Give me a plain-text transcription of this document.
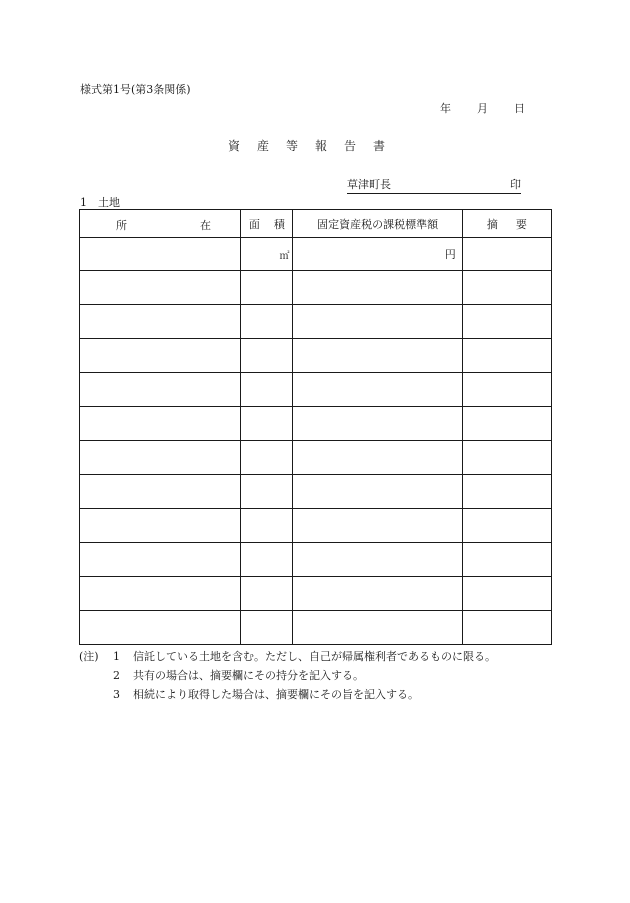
様式第1号(第3条関係)
年 月 日
資 産 等 報 告 書
草津町長	印
1　土地
所 在	面 積	固定資産税の課税標準額	摘 要
	㎡	円	

(注) 1 信託している土地を含む。ただし、自己が帰属権利者であるものに限る。
2 共有の場合は、摘要欄にその持分を記入する。
3 相続により取得した場合は、摘要欄にその旨を記入する。
